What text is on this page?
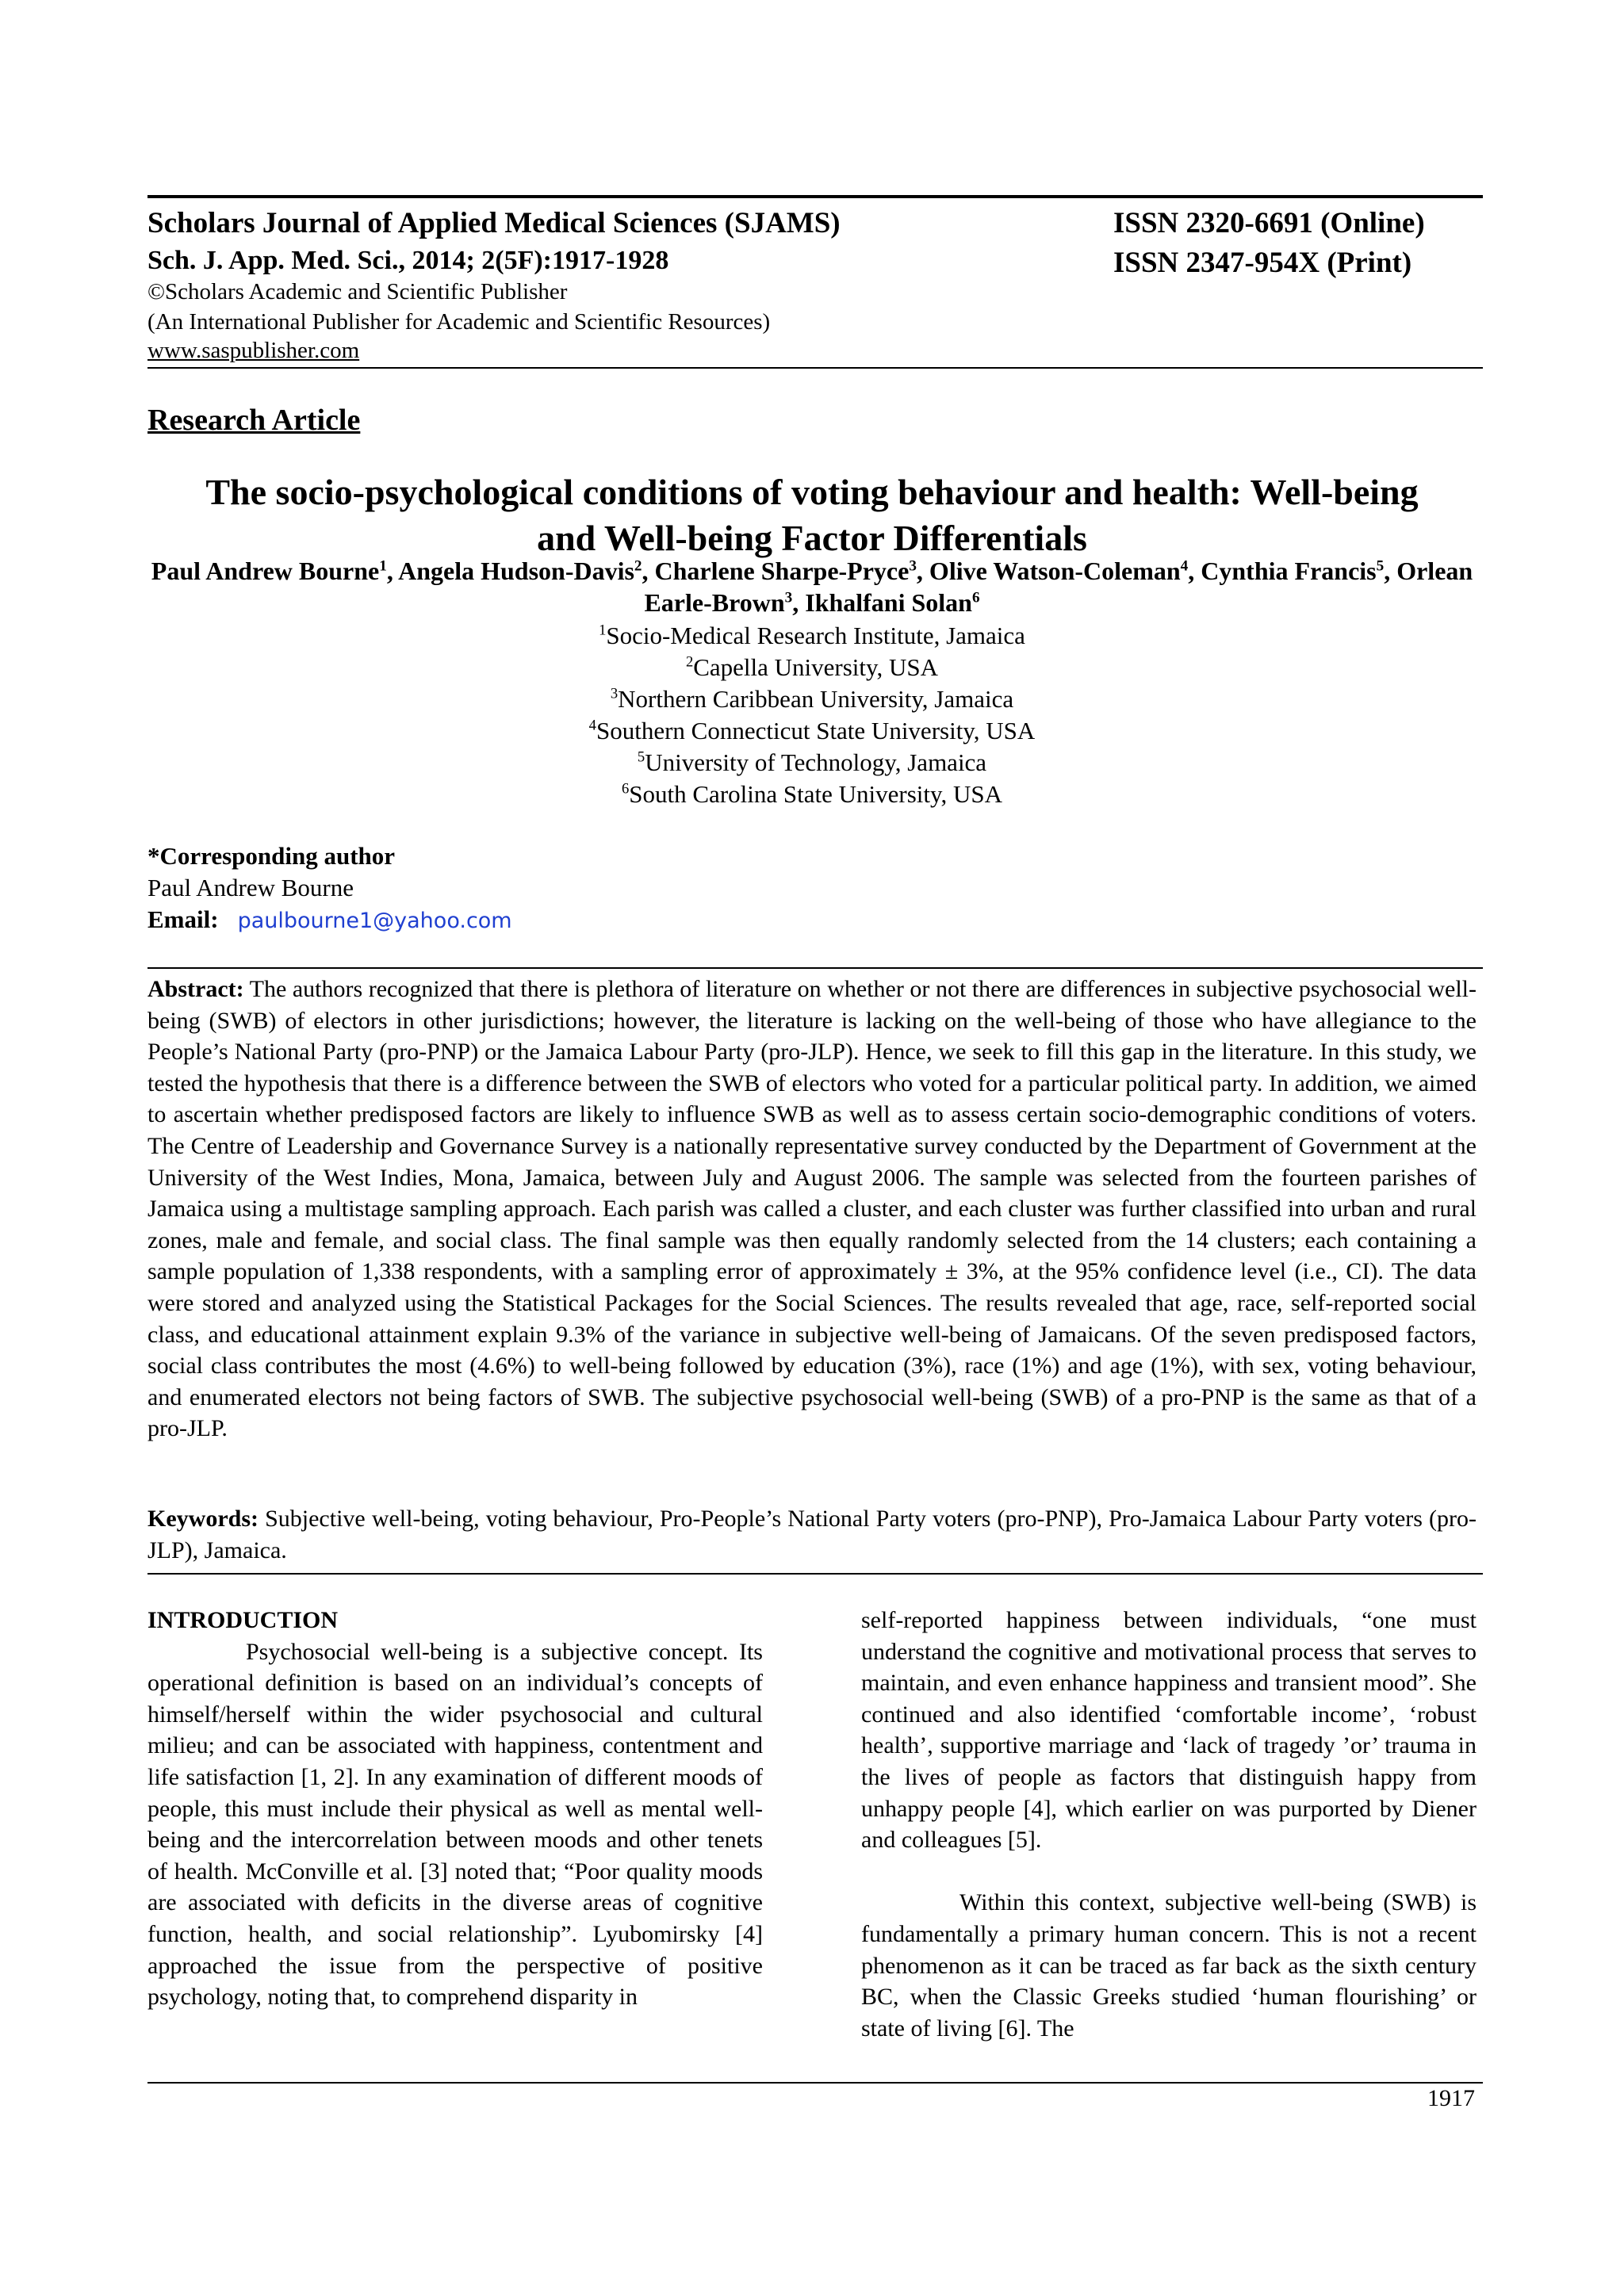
Scholars Journal of Applied Medical Sciences (SJAMS)
Sch. J. App. Med. Sci., 2014; 2(5F):1917-1928
ISSN 2320-6691 (Online)
ISSN 2347-954X (Print)
©Scholars Academic and Scientific Publisher
(An International Publisher for Academic and Scientific Resources)
www.saspublisher.com
Research Article
The socio-psychological conditions of voting behaviour and health: Well-being
and Well-being Factor Differentials
Paul Andrew Bourne$^1$, Angela Hudson-Davis$^2$, Charlene Sharpe-Pryce$^3$, Olive Watson-Coleman$^4$, Cynthia Francis$^5$, Orlean Earle-Brown$^3$, Ikhalfani Solan$^6$
$^1$Socio-Medical Research Institute, Jamaica
$^2$Capella University, USA
$^3$Northern Caribbean University, Jamaica
$^4$Southern Connecticut State University, USA
$^5$University of Technology, Jamaica
$^6$South Carolina State University, USA
*Corresponding author
Paul Andrew Bourne
Email: paulbourne1@yahoo.com
Abstract: The authors recognized that there is plethora of literature on whether or not there are differences in subjective psychosocial well-being (SWB) of electors in other jurisdictions; however, the literature is lacking on the well-being of those who have allegiance to the People’s National Party (pro-PNP) or the Jamaica Labour Party (pro-JLP). Hence, we seek to fill this gap in the literature. In this study, we tested the hypothesis that there is a difference between the SWB of electors who voted for a particular political party. In addition, we aimed to ascertain whether predisposed factors are likely to influence SWB as well as to assess certain socio-demographic conditions of voters. The Centre of Leadership and Governance Survey is a nationally representative survey conducted by the Department of Government at the University of the West Indies, Mona, Jamaica, between July and August 2006. The sample was selected from the fourteen parishes of Jamaica using a multistage sampling approach. Each parish was called a cluster, and each cluster was further classified into urban and rural zones, male and female, and social class. The final sample was then equally randomly selected from the 14 clusters; each containing a sample population of 1,338 respondents, with a sampling error of approximately ± 3%, at the 95% confidence level (i.e., CI). The data were stored and analyzed using the Statistical Packages for the Social Sciences. The results revealed that age, race, self-reported social class, and educational attainment explain 9.3% of the variance in subjective well-being of Jamaicans. Of the seven predisposed factors, social class contributes the most (4.6%) to well-being followed by education (3%), race (1%) and age (1%), with sex, voting behaviour, and enumerated electors not being factors of SWB. The subjective psychosocial well-being (SWB) of a pro-PNP is the same as that of a pro-JLP.
Keywords: Subjective well-being, voting behaviour, Pro-People’s National Party voters (pro-PNP), Pro-Jamaica Labour Party voters (pro-JLP), Jamaica.

INTRODUCTION

Psychosocial well-being is a subjective concept. Its operational definition is based on an individual’s concepts of himself/herself within the wider psychosocial and cultural milieu; and can be associated with happiness, contentment and life satisfaction [1, 2]. In any examination of different moods of people, this must include their physical as well as mental well-being and the intercorrelation between moods and other tenets of health. McConville et al. [3] noted that; “Poor quality moods are associated with deficits in the diverse areas of cognitive function, health, and social relationship”. Lyubomirsky [4] approached the issue from the perspective of positive psychology, noting that, to comprehend disparity in

self-reported happiness between individuals, “one must understand the cognitive and motivational process that serves to maintain, and even enhance happiness and transient mood”. She continued and also identified ‘comfortable income’, ‘robust health’, supportive marriage and ‘lack of tragedy ’or’ trauma in the lives of people as factors that distinguish happy from unhappy people [4], which earlier on was purported by Diener and colleagues [5].

Within this context, subjective well-being (SWB) is fundamentally a primary human concern. This is not a recent phenomenon as it can be traced as far back as the sixth century BC, when the Classic Greeks studied ‘human flourishing’ or state of living [6]. The

1917
